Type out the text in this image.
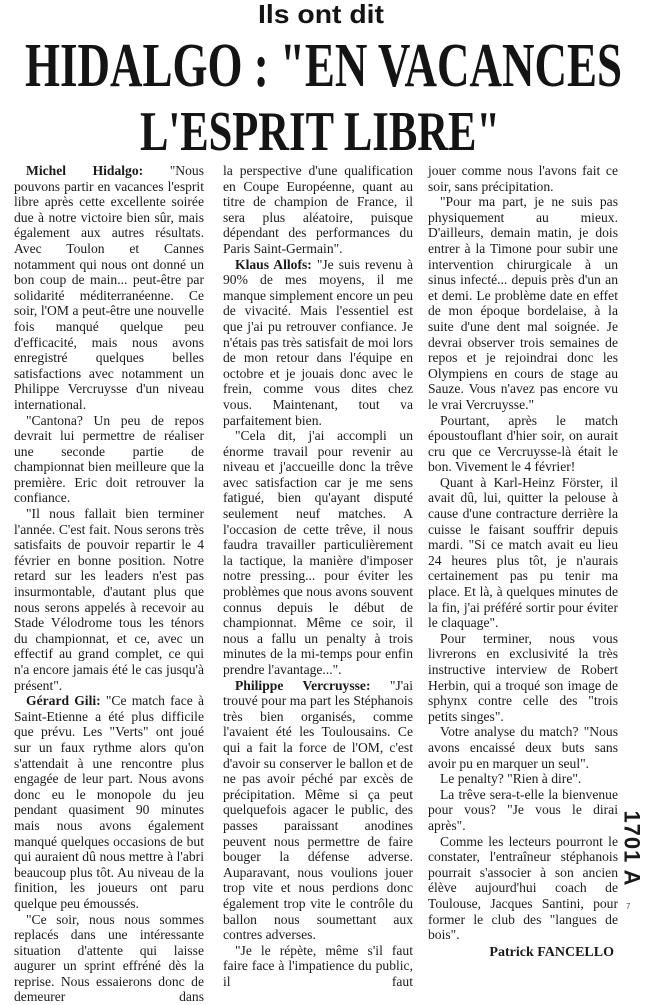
Ils ont dit
HIDALGO : "EN VACANCES
L'ESPRIT LIBRE"

Michel Hidalgo: "Nous pouvons partir en vacances l'esprit libre après cette excellente soirée due à notre victoire bien sûr, mais également aux autres résultats. Avec Toulon et Cannes notamment qui nous ont donné un bon coup de main... peut-être par solidarité méditerranéenne. Ce soir, l'OM a peut-être une nouvelle fois manqué quelque peu d'efficacité, mais nous avons enregistré quelques belles satisfactions avec notamment un Philippe Vercruysse d'un niveau international.

"Cantona? Un peu de repos devrait lui permettre de réaliser une seconde partie de championnat bien meilleure que la première. Eric doit retrouver la confiance.

"Il nous fallait bien terminer l'année. C'est fait. Nous serons très satisfaits de pouvoir repartir le 4 février en bonne position. Notre retard sur les leaders n'est pas insurmontable, d'autant plus que nous serons appelés à recevoir au Stade Vélodrome tous les ténors du championnat, et ce, avec un effectif au grand complet, ce qui n'a encore jamais été le cas jusqu'à présent".

Gérard Gili: "Ce match face à Saint-Etienne a été plus difficile que prévu. Les "Verts" ont joué sur un faux rythme alors qu'on s'attendait à une rencontre plus engagée de leur part. Nous avons donc eu le monopole du jeu pendant quasiment 90 minutes mais nous avons également manqué quelques occasions de but qui auraient dû nous mettre à l'abri beaucoup plus tôt. Au niveau de la finition, les joueurs ont paru quelque peu émoussés.

"Ce soir, nous nous sommes replacés dans une intéressante situation d'attente qui laisse augurer un sprint effréné dès la reprise. Nous essaierons donc de demeurer dans

la perspective d'une qualification en Coupe Européenne, quant au titre de champion de France, il sera plus aléatoire, puisque dépendant des performances du Paris Saint-Germain".

Klaus Allofs: "Je suis revenu à 90% de mes moyens, il me manque simplement encore un peu de vivacité. Mais l'essentiel est que j'ai pu retrouver confiance. Je n'étais pas très satisfait de moi lors de mon retour dans l'équipe en octobre et je jouais donc avec le frein, comme vous dites chez vous. Maintenant, tout va parfaitement bien.

"Cela dit, j'ai accompli un énorme travail pour revenir au niveau et j'accueille donc la trêve avec satisfaction car je me sens fatigué, bien qu'ayant disputé seulement neuf matches. A l'occasion de cette trêve, il nous faudra travailler particulièrement la tactique, la manière d'imposer notre pressing... pour éviter les problèmes que nous avons souvent connus depuis le début de championnat. Même ce soir, il nous a fallu un penalty à trois minutes de la mi-temps pour enfin prendre l'avantage...".

Philippe Vercruysse: "J'ai trouvé pour ma part les Stéphanois très bien organisés, comme l'avaient été les Toulousains. Ce qui a fait la force de l'OM, c'est d'avoir su conserver le ballon et de ne pas avoir péché par excès de précipitation. Même si ça peut quelquefois agacer le public, des passes paraissant anodines peuvent nous permettre de faire bouger la défense adverse. Auparavant, nous voulions jouer trop vite et nous perdions donc également trop vite le contrôle du ballon nous soumettant aux contres adverses.

"Je le répète, même s'il faut faire face à l'impatience du public, il faut

jouer comme nous l'avons fait ce soir, sans précipitation.

"Pour ma part, je ne suis pas physiquement au mieux. D'ailleurs, demain matin, je dois entrer à la Timone pour subir une intervention chirurgicale à un sinus infecté... depuis près d'un an et demi. Le problème date en effet de mon époque bordelaise, à la suite d'une dent mal soignée. Je devrai observer trois semaines de repos et je rejoindrai donc les Olympiens en cours de stage au Sauze. Vous n'avez pas encore vu le vrai Vercruysse."

Pourtant, après le match époustouflant d'hier soir, on aurait cru que ce Vercruysse-là était le bon. Vivement le 4 février!

Quant à Karl-Heinz Förster, il avait dû, lui, quitter la pelouse à cause d'une contracture derrière la cuisse le faisant souffrir depuis mardi. "Si ce match avait eu lieu 24 heures plus tôt, je n'aurais certainement pas pu tenir ma place. Et là, à quelques minutes de la fin, j'ai préféré sortir pour éviter le claquage".

Pour terminer, nous vous livrerons en exclusivité la très instructive interview de Robert Herbin, qui a troqué son image de sphynx contre celle des "trois petits singes".

Votre analyse du match? "Nous avons encaissé deux buts sans avoir pu en marquer un seul".

Le penalty? "Rien à dire".

La trêve sera-t-elle la bienvenue pour vous? "Je vous le dirai après".

Comme les lecteurs pourront le constater, l'entraîneur stéphanois pourrait s'associer à son ancien élève aujourd'hui coach de Toulouse, Jacques Santini, pour former le club des "langues de bois".

Patrick FANCELLO
1701 A
7
